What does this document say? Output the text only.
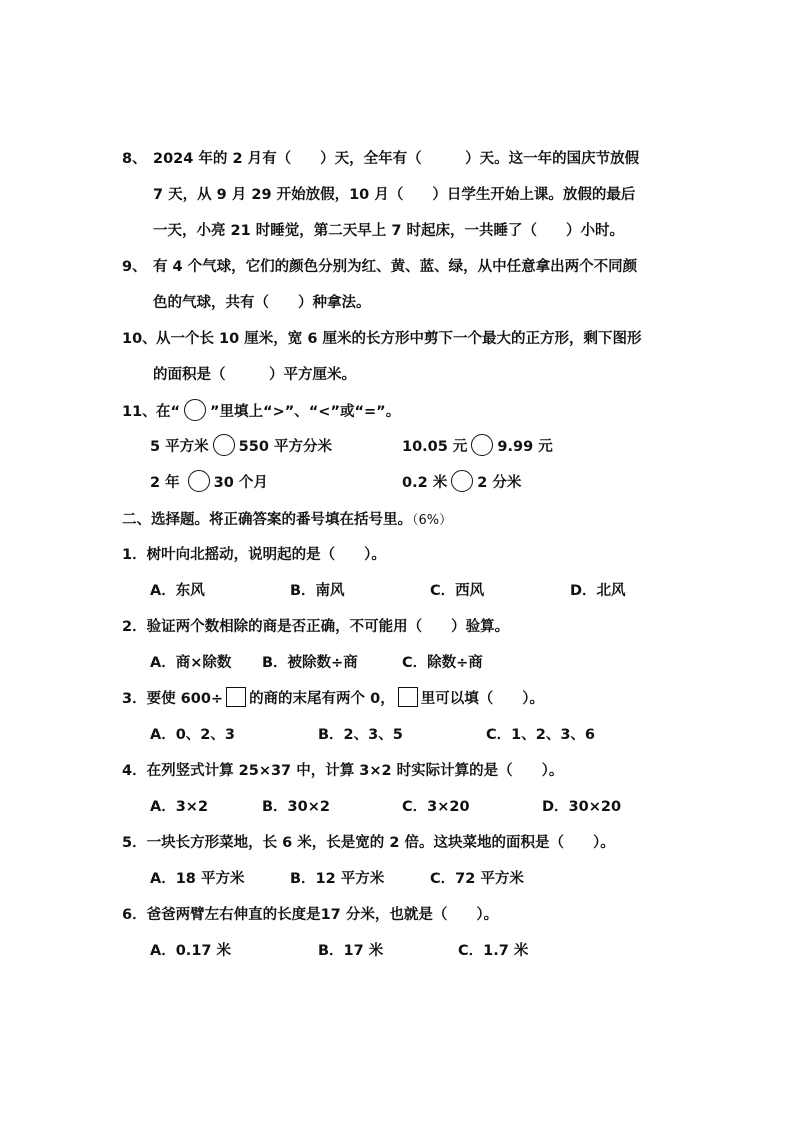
8、 2024 年的 2 月有（　　）天，全年有（　　　）天。这一年的国庆节放假
7 天，从 9 月 29 开始放假，10 月（　　）日学生开始上课。放假的最后
一天，小亮 21 时睡觉，第二天早上 7 时起床，一共睡了（　　）小时。
9、 有 4 个气球，它们的颜色分别为红、黄、蓝、绿，从中任意拿出两个不同颜
色的气球，共有（　　）种拿法。
10、 从一个长 10 厘米，宽 6 厘米的长方形中剪下一个最大的正方形，剩下图形
的面积是（　　　）平方厘米。
11、 在“ ”里填上“>”、“<”或“=”。
5 平方米 550 平方分米	10.05 元 9.99 元
2 年 30 个月	0.2 米 2 分米
二、选择题。将正确答案的番号填在括号里。（6%）
1．树叶向北摇动，说明起的是（　　）。
A．东风	B．南风	C．西风	D．北风
2．验证两个数相除的商是否正确，不可能用（　　）验算。
A．商×除数 B．被除数÷商	C．除数÷商
3．要使 600÷ 的商的末尾有两个 0， 里可以填（　　）。
A．0、2、3	B．2、3、5	C．1、2、3、6
4．在列竖式计算 25×37 中，计算 3×2 时实际计算的是（　　）。
A．3×2	B．30×2	C．3×20	D．30×20
5．一块长方形菜地，长 6 米，长是宽的 2 倍。这块菜地的面积是（　　）。
A．18 平方米	B．12 平方米	C．72 平方米
6．爸爸两臂左右伸直的长度是17 分米，也就是（　　）。
A．0.17 米	B．17 米	C．1.7 米
